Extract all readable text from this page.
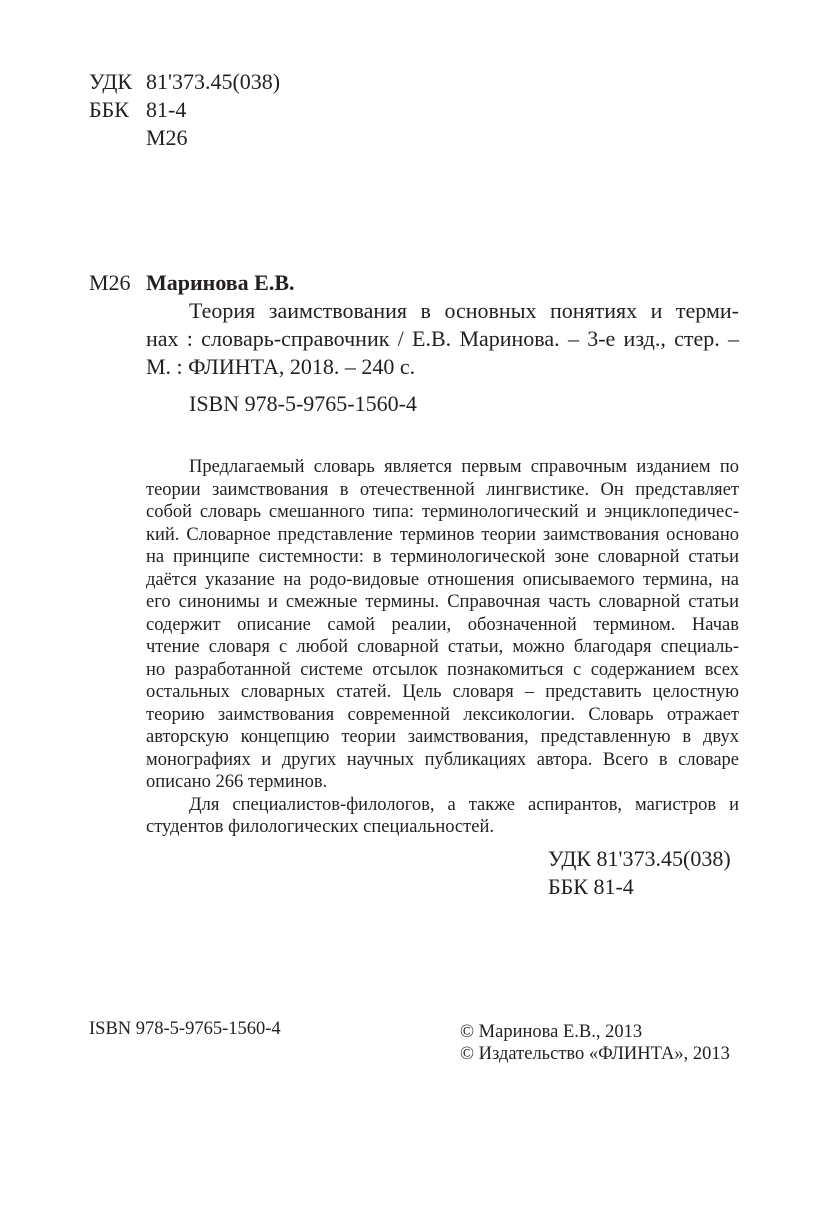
УДК 81'373.45(038)
ББК 81-4
М26
М26 Маринова Е.В.
Теория заимствования в основных понятиях и терми-
нах : словарь-справочник / Е.В. Маринова. – 3-е изд., стер. –
М. : ФЛИНТА, 2018. – 240 с.
ISBN 978-5-9765-1560-4
Предлагаемый словарь является первым справочным изданием по
теории заимствования в отечественной лингвистике. Он представляет
собой словарь смешанного типа: терминологический и энциклопедичес-
кий. Словарное представление терминов теории заимствования основано
на принципе системности: в терминологической зоне словарной статьи
даётся указание на родо-видовые отношения описываемого термина, на
его синонимы и смежные термины. Справочная часть словарной статьи
содержит описание самой реалии, обозначенной термином. Начав
чтение словаря с любой словарной статьи, можно благодаря специаль-
но разработанной системе отсылок познакомиться с содержанием всех
остальных словарных статей. Цель словаря – представить целостную
теорию заимствования современной лексикологии. Словарь отражает
авторскую концепцию теории заимствования, представленную в двух
монографиях и других научных публикациях автора. Всего в словаре
описано 266 терминов.
Для специалистов-филологов, а также аспирантов, магистров и
студентов филологических специальностей.
УДК 81'373.45(038)
ББК 81-4
ISBN 978-5-9765-1560-4	© Маринова Е.В., 2013
© Издательство «ФЛИНТА», 2013
